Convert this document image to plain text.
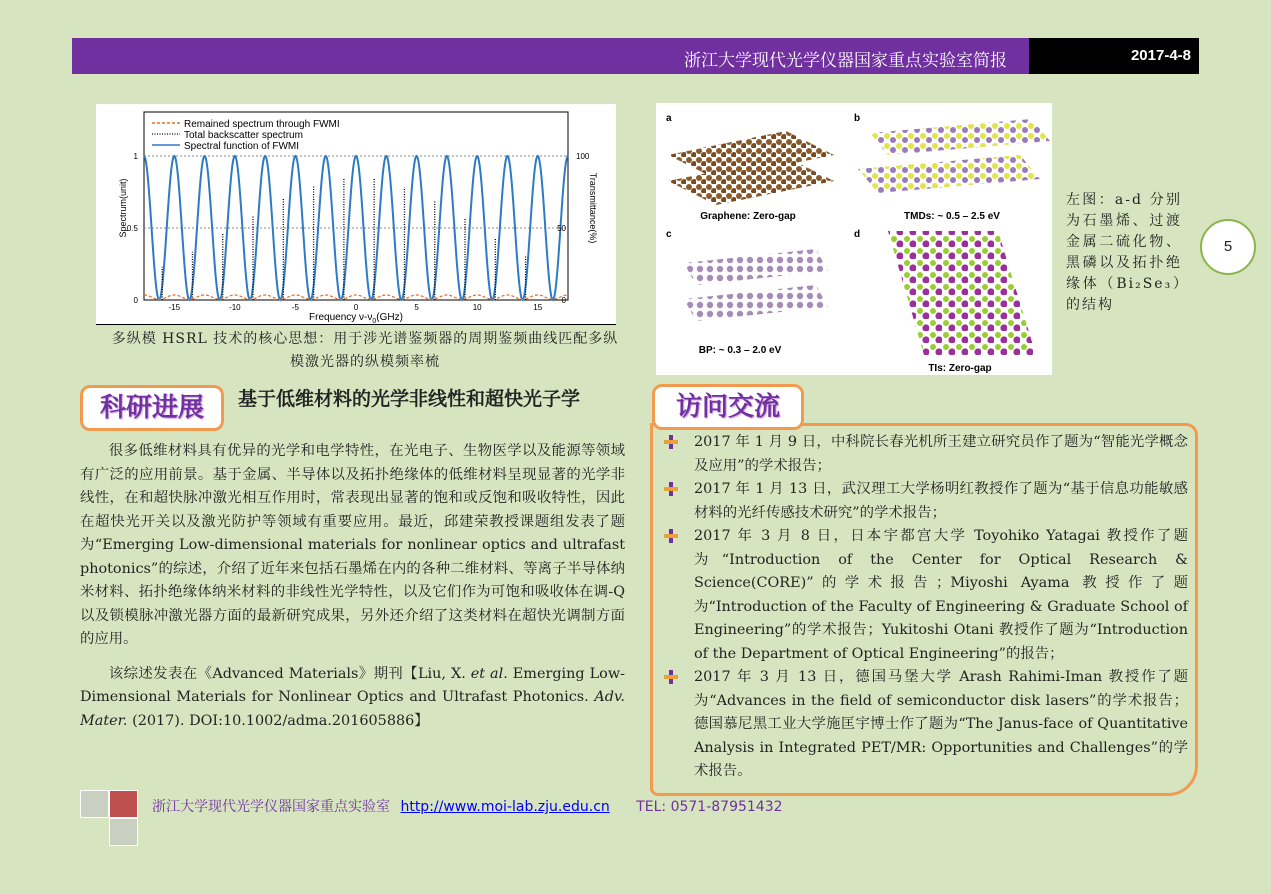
浙江大学现代光学仪器国家重点实验室简报	2017-4-8
Remained spectrum through FWMI
Total backscatter spectrum
Spectral function of FWMI
0
0.5
1
0
50
100
Spectrum(unit)	Transmittance(%)
-15	-10	-5	0	5	10	15
Frequency $\nu-\nu_0(GHz)$
多纵模 HSRL 技术的核心思想：用于涉光谱鉴频器的周期鉴频曲线匹配多纵模激光器的纵模频率梳
a
Graphene: Zero-gap
b
TMDs: ~ 0.5 – 2.5 eV
c
BP: ~ 0.3 – 2.0 eV
d
TIs: Zero-gap
左图：a-d 分别为石墨烯、过渡金属二硫化物、黑磷以及拓扑绝缘体（Bi₂Se₃）的结构
5
科研进展	基于低维材料的光学非线性和超快光子学

很多低维材料具有优异的光学和电学特性，在光电子、生物医学以及能源等领域有广泛的应用前景。基于金属、半导体以及拓扑绝缘体的低维材料呈现显著的光学非线性，在和超快脉冲激光相互作用时，常表现出显著的饱和或反饱和吸收特性，因此在超快光开关以及激光防护等领域有重要应用。最近，邱建荣教授课题组发表了题为“Emerging Low-dimensional materials for nonlinear optics and ultrafast photonics”的综述，介绍了近年来包括石墨烯在内的各种二维材料、等离子半导体纳米材料、拓扑绝缘体纳米材料的非线性光学特性，以及它们作为可饱和吸收体在调-Q 以及锁模脉冲激光器方面的最新研究成果，另外还介绍了这类材料在超快光调制方面的应用。

该综述发表在《Advanced Materials》期刊【Liu, X. et al. Emerging Low-Dimensional Materials for Nonlinear Optics and Ultrafast Photonics. Adv. Mater. (2017). DOI:10.1002/adma.201605886】

访问交流
2017 年 1 月 9 日，中科院长春光机所王建立研究员作了题为“智能光学概念及应用”的学术报告；
2017 年 1 月 13 日，武汉理工大学杨明红教授作了题为“基于信息功能敏感材料的光纤传感技术研究”的学术报告；
2017 年 3 月 8 日，日本宇都宫大学 Toyohiko Yatagai 教授作了题为“Introduction of the Center for Optical Research & Science(CORE)”的学术报告；Miyoshi Ayama 教授作了题为“Introduction of the Faculty of Engineering & Graduate School of Engineering”的学术报告；Yukitoshi Otani 教授作了题为“Introduction of the Department of Optical Engineering”的报告；
2017 年 3 月 13 日，德国马堡大学 Arash Rahimi-Iman 教授作了题为“Advances in the field of semiconductor disk lasers”的学术报告；德国慕尼黑工业大学施匡宇博士作了题为“The Janus-face of Quantitative Analysis in Integrated PET/MR: Opportunities and Challenges”的学术报告。
浙江大学现代光学仪器国家重点实验室 http://www.moi-lab.zju.edu.cn TEL: 0571-87951432
